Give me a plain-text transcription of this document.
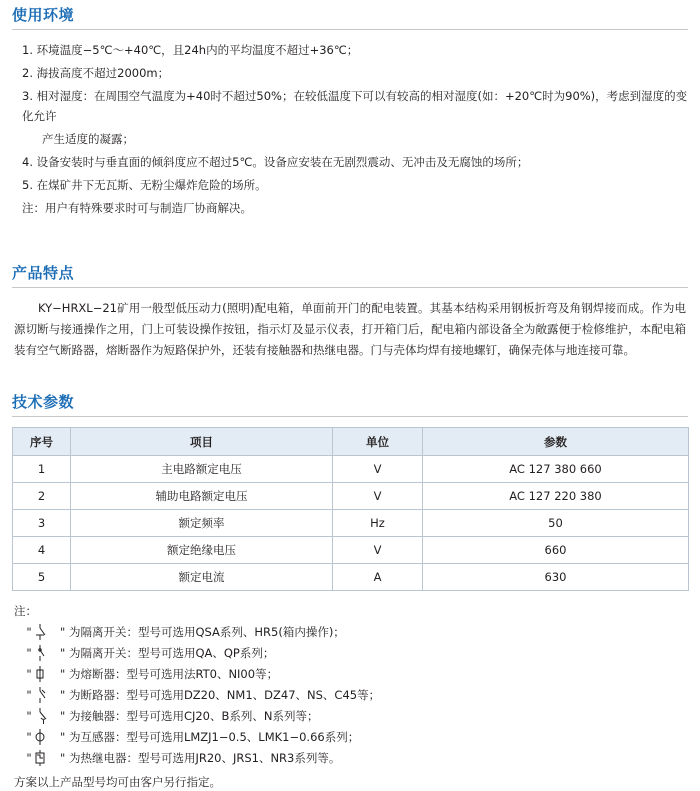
使用环境
1. 环境温度−5℃～+40℃，且24h内的平均温度不超过+36℃；
2. 海拔高度不超过2000m；
3. 相对湿度：在周围空气温度为+40时不超过50%；在较低温度下可以有较高的相对湿度(如：+20℃时为90%)，考虑到湿度的变化允许
产生适度的凝露；
4. 设备安装时与垂直面的倾斜度应不超过5℃。设备应安装在无剧烈震动、无冲击及无腐蚀的场所；
5. 在煤矿井下无瓦斯、无粉尘爆炸危险的场所。
注：用户有特殊要求时可与制造厂协商解决。
产品特点
KY−HRXL−21矿用一般型低压动力(照明)配电箱，单面前开门的配电装置。其基本结构采用钢板折弯及角钢焊接而成。作为电源切断与接通操作之用，门上可装设操作按钮，指示灯及显示仪表，打开箱门后，配电箱内部设备全为敞露便于检修维护，本配电箱装有空气断路器，熔断器作为短路保护外，还装有接触器和热继电器。门与壳体均焊有接地螺钉，确保壳体与地连接可靠。
技术参数
序号	项目	单位	参数
1	主电路额定电压	V	AC 127 380 660
2	辅助电路额定电压	V	AC 127 220 380
3	额定频率	Hz	50
4	额定绝缘电压	V	660
5	额定电流	A	630
注：
" " 为隔离开关：型号可选用QSA系列、HR5(箱内操作)；
" " 为隔离开关：型号可选用QA、QP系列；
" " 为熔断器：型号可选用法RT0、NI00等；
" " 为断路器：型号可选用DZ20、NM1、DZ47、NS、C45等；
" " 为接触器：型号可选用CJ20、B系列、N系列等；
" " 为互感器：型号可选用LMZJ1−0.5、LMK1−0.66系列；
" " 为热继电器：型号可选用JR20、JRS1、NR3系列等。
方案以上产品型号均可由客户另行指定。
